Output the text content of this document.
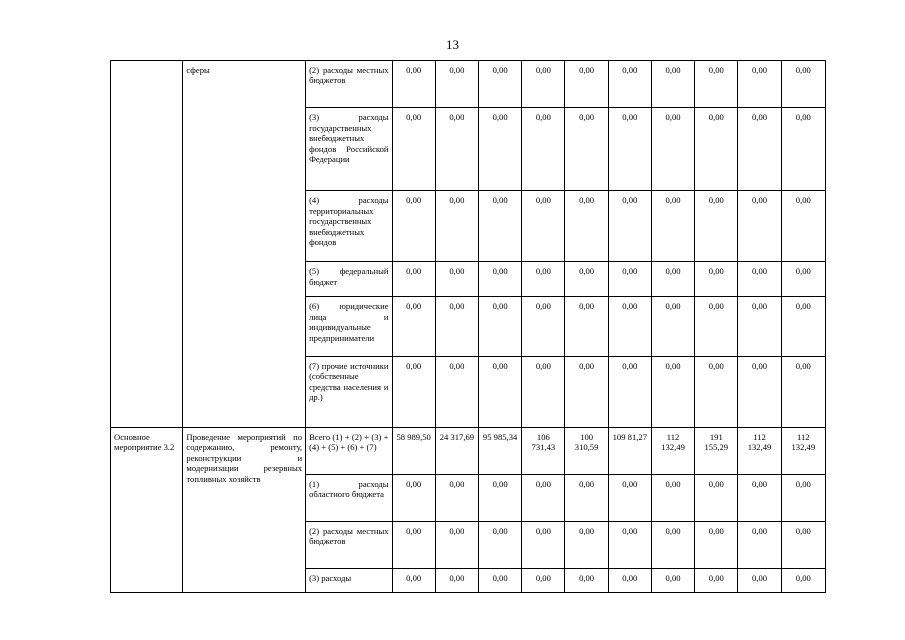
13
	сферы	(2) расходы местных бюджетов	0,00	0,00	0,00	0,00	0,00	0,00	0,00	0,00	0,00	0,00

		(3) расходы государственных внебюджетных фондов Российской Федерации	0,00	0,00	0,00	0,00	0,00	0,00	0,00	0,00	0,00	0,00

		(4) расходы территориальных государственных внебюджетных фондов	0,00	0,00	0,00	0,00	0,00	0,00	0,00	0,00	0,00	0,00

		(5) федеральный бюджет	0,00	0,00	0,00	0,00	0,00	0,00	0,00	0,00	0,00	0,00

		(6) юридические лица и индивидуальные предприниматели	0,00	0,00	0,00	0,00	0,00	0,00	0,00	0,00	0,00	0,00

		(7) прочие источники (собственные средства населения и др.)	0,00	0,00	0,00	0,00	0,00	0,00	0,00	0,00	0,00	0,00
Основное мероприятие 3.2	Проведение мероприятий по содержанию, ремонту, реконструкции и модернизации резервных топливных хозяйств	Всего (1) + (2) + (3) + (4) + (5) + (6) + (7)	58 989,50	24 317,69	95 985,34	106 731,43	100 310,59	109 81,27	112 132,49	191 155,29	112 132,49	112 132,49

		(1) расходы областного бюджета	0,00	0,00	0,00	0,00	0,00	0,00	0,00	0,00	0,00	0,00

		(2) расходы местных бюджетов	0,00	0,00	0,00	0,00	0,00	0,00	0,00	0,00	0,00	0,00

		(3) расходы	0,00	0,00	0,00	0,00	0,00	0,00	0,00	0,00	0,00	0,00
